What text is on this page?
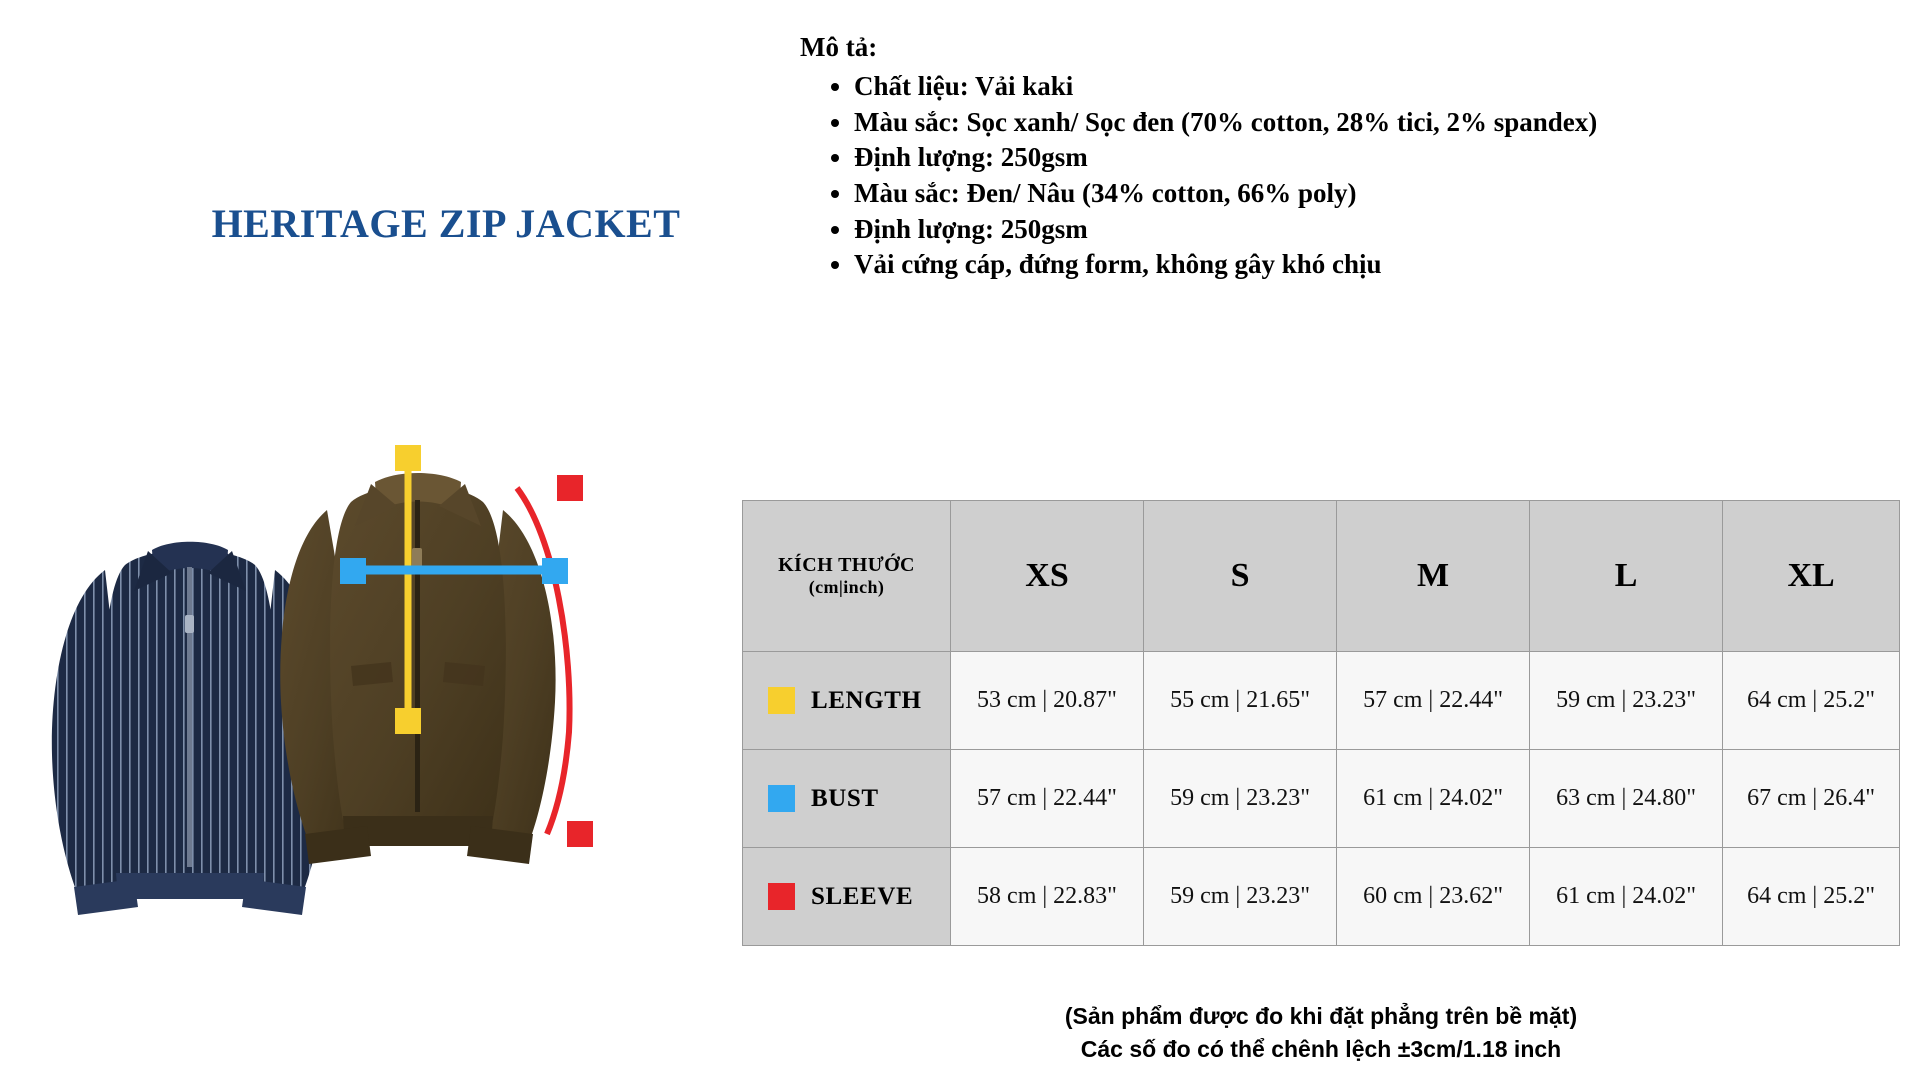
HERITAGE ZIP JACKET

Mô tả:

• Chất liệu: Vải kaki
• Màu sắc: Sọc xanh/ Sọc đen (70% cotton, 28% tici, 2% spandex)
• Định lượng: 250gsm
• Màu sắc: Đen/ Nâu (34% cotton, 66% poly)
• Định lượng: 250gsm
• Vải cứng cáp, đứng form, không gây khó chịu
KÍCH THƯỚC
(cm|inch)	XS	S	M	L	XL

LENGTH	53 cm | 20.87"	55 cm | 21.65"	57 cm | 22.44"	59 cm | 23.23"	64 cm | 25.2"

BUST	57 cm | 22.44"	59 cm | 23.23"	61 cm | 24.02"	63 cm | 24.80"	67 cm | 26.4"

SLEEVE	58 cm | 22.83"	59 cm | 23.23"	60 cm | 23.62"	61 cm | 24.02"	64 cm | 25.2"
(Sản phẩm được đo khi đặt phẳng trên bề mặt)
Các số đo có thể chênh lệch ±3cm/1.18 inch
